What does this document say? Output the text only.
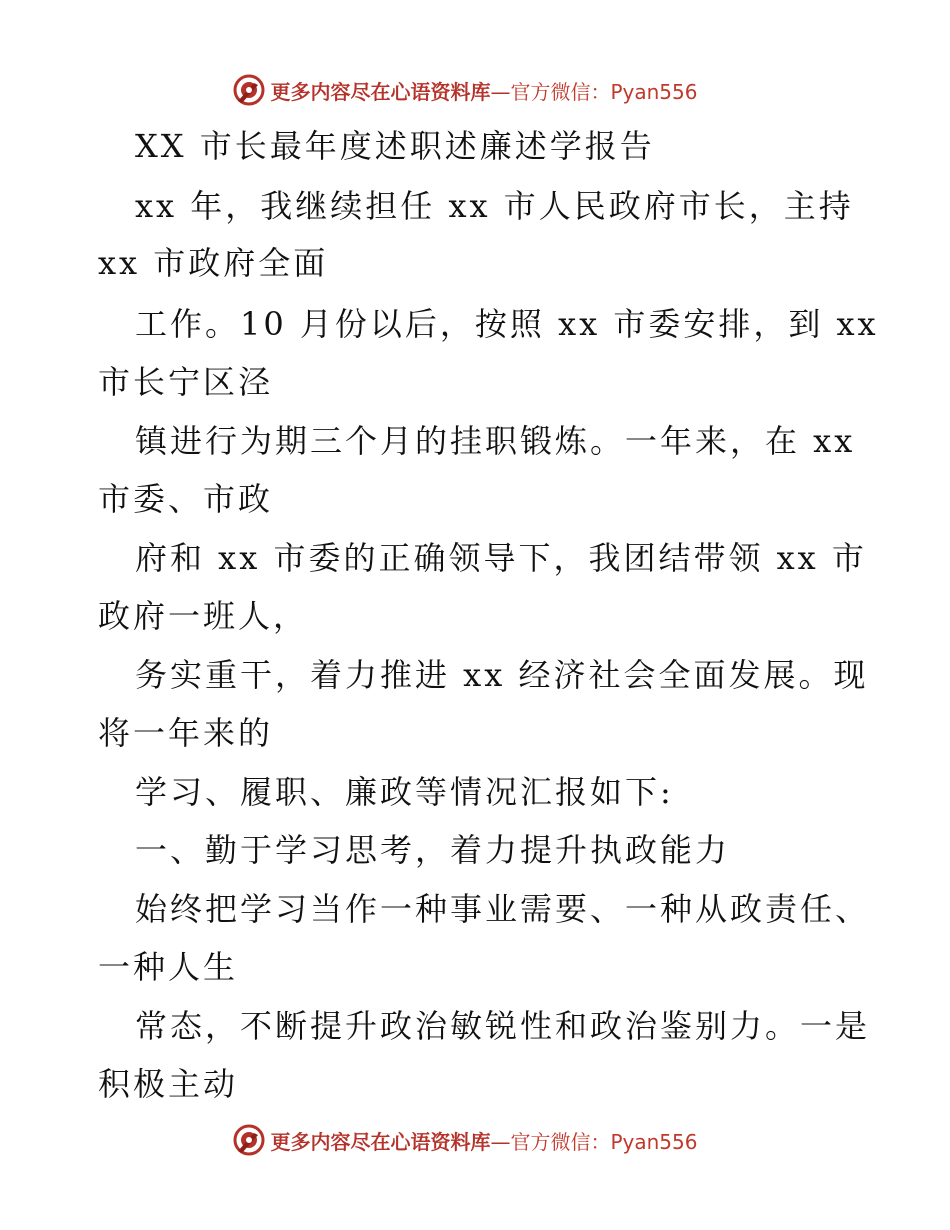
更多内容尽在心语资料库—官方微信：Pyan556
XX 市长最年度述职述廉述学报告
xx 年，我继续担任 xx 市人民政府市长，主持
xx 市政府全面
工作。10 月份以后，按照 xx 市委安排，到 xx
市长宁区泾
镇进行为期三个月的挂职锻炼。一年来，在 xx
市委、市政
府和 xx 市委的正确领导下，我团结带领 xx 市
政府一班人，
务实重干，着力推进 xx 经济社会全面发展。现
将一年来的
学习、履职、廉政等情况汇报如下:
一、勤于学习思考，着力提升执政能力
始终把学习当作一种事业需要、一种从政责任、
一种人生
常态，不断提升政治敏锐性和政治鉴别力。一是
积极主动
更多内容尽在心语资料库—官方微信：Pyan556
